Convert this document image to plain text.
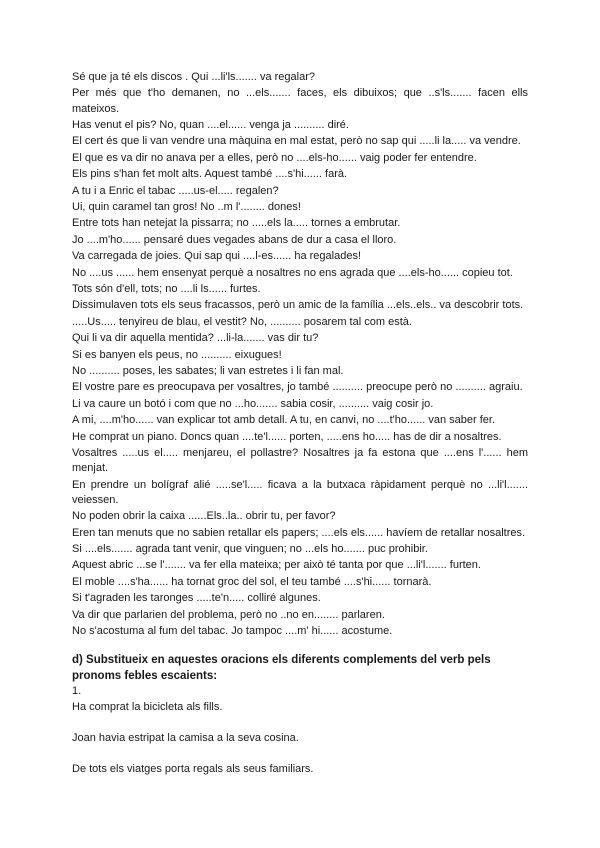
Sé que ja té els discos . Qui ...li'ls....... va regalar?

Per més que t'ho demanen, no ...els....... faces, els dibuixos; que ..s'ls....... facen ells mateixos.

Has venut el pis? No, quan ....el...... venga ja .......... diré.

El cert és que li van vendre una màquina en mal estat, però no sap qui .....li la..... va vendre.

El que es va dir no anava per a elles, però no ....els-ho...... vaig poder fer entendre.

Els pins s'han fet molt alts. Aquest també ....s'hi...... farà.

A tu i a Enric el tabac .....us-el..... regalen?

Ui, quin caramel tan gros! No ..m l'........ dones!

Entre tots han netejat la pissarra; no .....els la..... tornes a embrutar.

Jo ....m'ho...... pensaré dues vegades abans de dur a casa el lloro.

Va carregada de joies. Qui sap qui ....l-es...... ha regalades!

No ....us ...... hem ensenyat perquè a nosaltres no ens agrada que ....els-ho...... copieu tot.

Tots són d'ell, tots; no ....li ls...... furtes.

Dissimulaven tots els seus fracassos, però un amic de la família ...els..els.. va descobrir tots.

.....Us..... tenyireu de blau, el vestit? No, .......... posarem tal com està.

Qui li va dir aquella mentida? ...li-la....... vas dir tu?

Si es banyen els peus, no .......... eixugues!

No .......... poses, les sabates; li van estretes i li fan mal.

El vostre pare es preocupava per vosaltres, jo també .......... preocupe però no .......... agraiu.

Li va caure un botó i com que no ...ho....... sabia cosir, .......... vaig cosir jo.

A mi, ....m'ho...... van explicar tot amb detall. A tu, en canvi, no ....t'ho...... van saber fer.

He comprat un piano. Doncs quan ....te'l...... porten, .....ens ho..... has de dir a nosaltres.

Vosaltres .....us el..... menjareu, el pollastre? Nosaltres ja fa estona que ....ens l'...... hem menjat.

En prendre un bolígraf alié .....se'l..... ficava a la butxaca ràpidament perquè no ...li'l....... veiessen.

No poden obrir la caixa ......Els..la.. obrir tu, per favor?

Eren tan menuts que no sabien retallar els papers; ....els els...... havíem de retallar nosaltres.

Si ....els....... agrada tant venir, que vinguen; no ...els ho....... puc prohibir.

Aquest abric ...se l'....... va fer ella mateixa; per això té tanta por que ...li'l....... furten.

El moble ....s'ha...... ha tornat groc del sol, el teu també ....s'hi...... tornarà.

Si t'agraden les taronges .....te'n..... colliré algunes.

Va dir que parlarien del problema, però no ..no en........ parlaren.

No s'acostuma al fum del tabac. Jo tampoc ....m' hi...... acostume.

d) Substitueix en aquestes oracions els diferents complements del verb pels pronoms febles escaients:

1.

Ha comprat la bicicleta als fills.

Joan havia estripat la camisa a la seva cosina.

De tots els viatges porta regals als seus familiars.
